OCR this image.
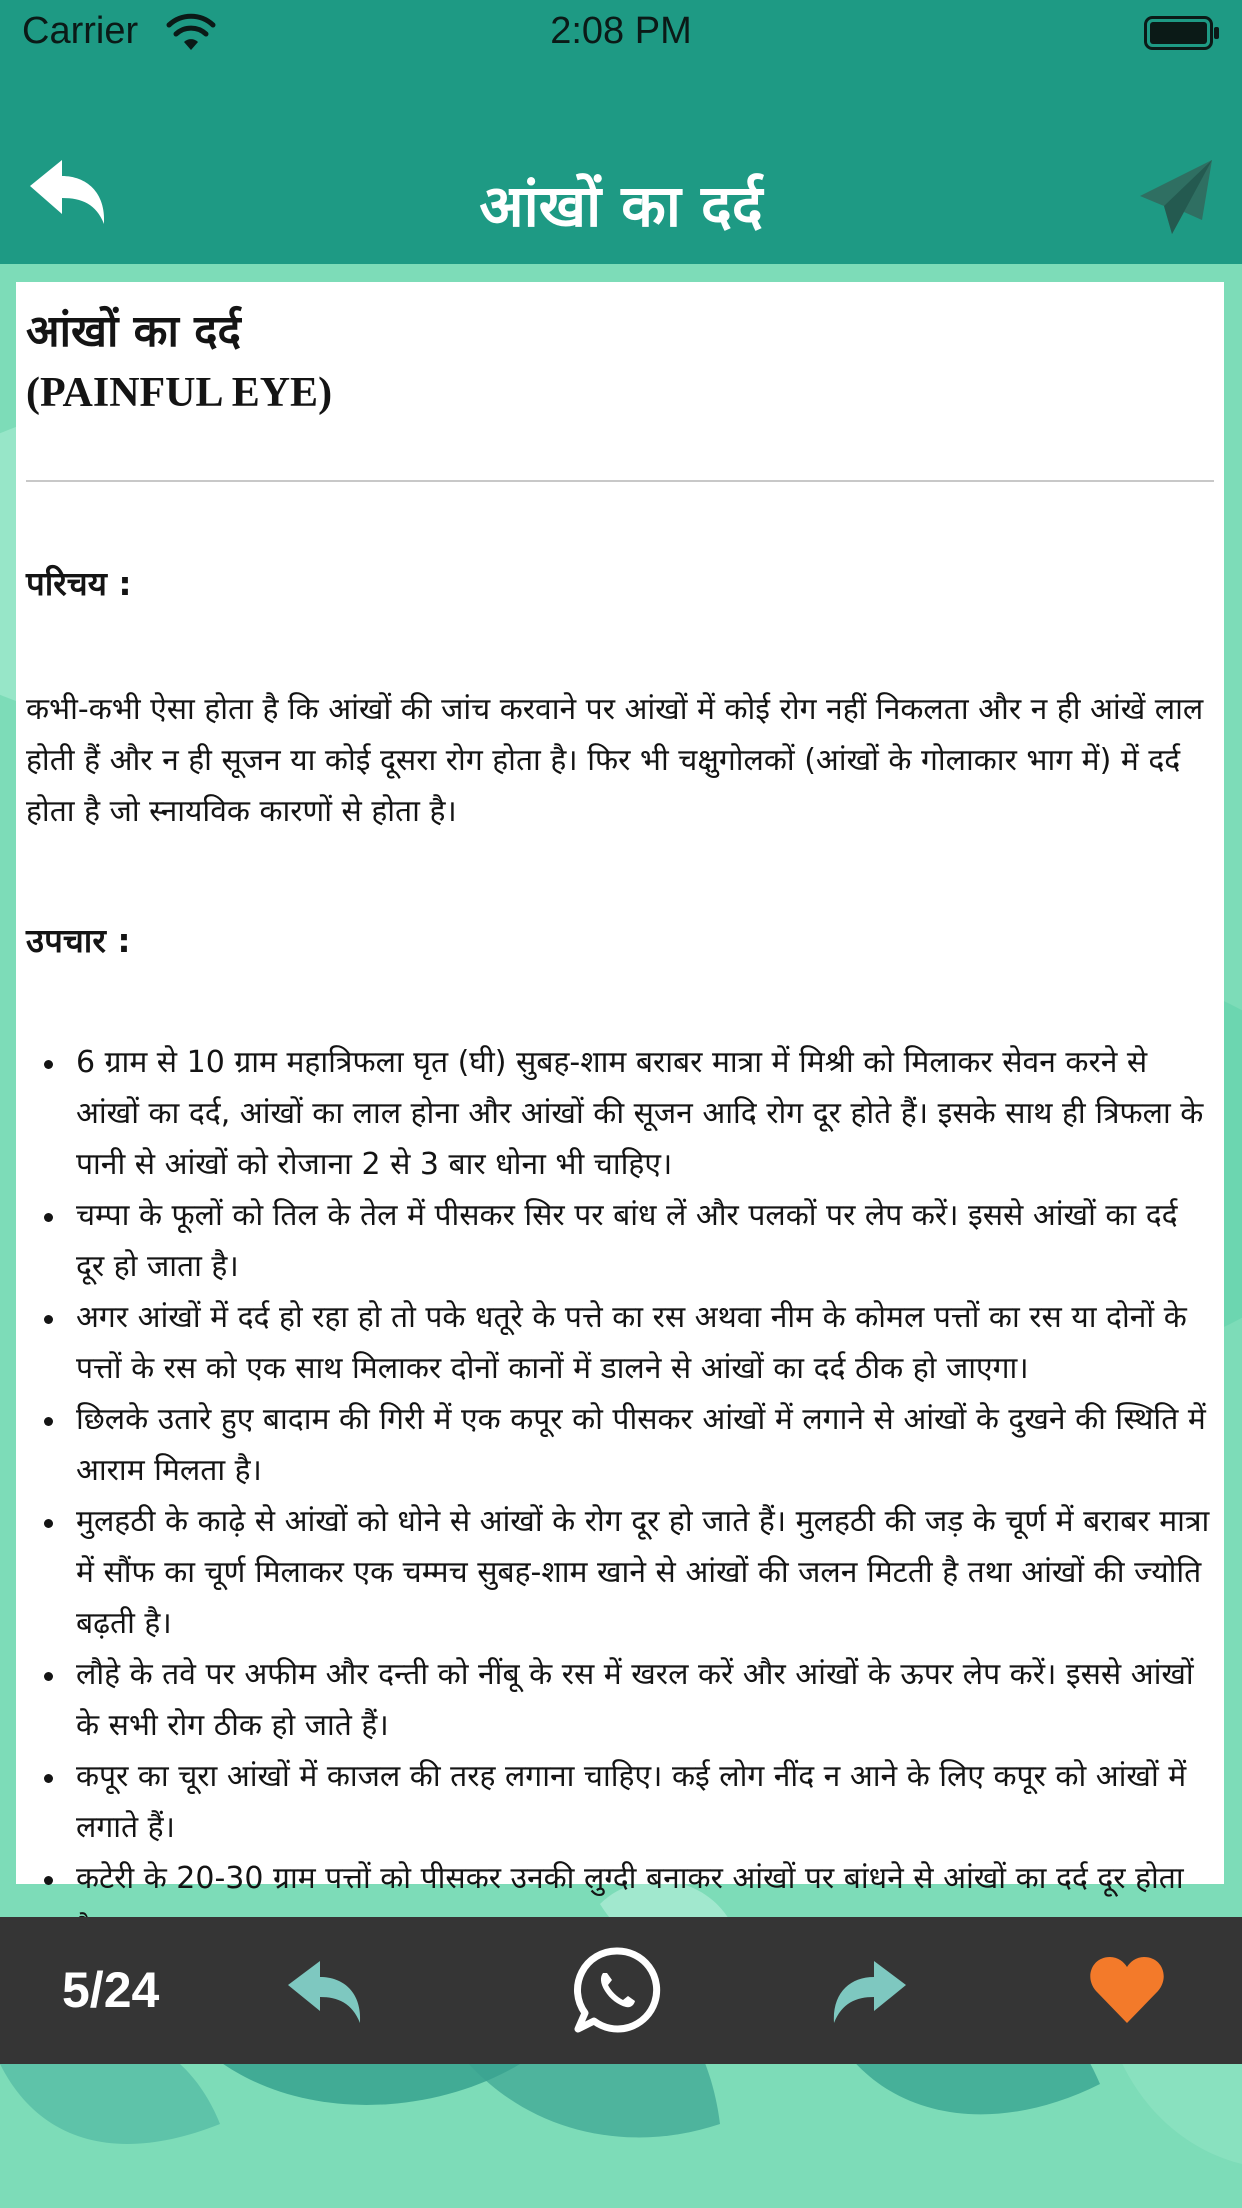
Carrier	2:08 PM
आंखों का दर्द
आंखों का दर्द
(PAINFUL EYE)

परिचय :

कभी-कभी ऐसा होता है कि आंखों की जांच करवाने पर आंखों में कोई रोग नहीं निकलता और न ही आंखें लाल होती हैं और न ही सूजन या कोई दूसरा रोग होता है। फिर भी चक्षुगोलकों (आंखों के गोलाकार भाग में) में दर्द होता है जो स्नायविक कारणों से होता है।

उपचार :

6 ग्राम से 10 ग्राम महात्रिफला घृत (घी) सुबह-शाम बराबर मात्रा में मिश्री को मिलाकर सेवन करने से आंखों का दर्द, आंखों का लाल होना और आंखों की सूजन आदि रोग दूर होते हैं। इसके साथ ही त्रिफला के पानी से आंखों को रोजाना 2 से 3 बार धोना भी चाहिए।
चम्पा के फूलों को तिल के तेल में पीसकर सिर पर बांध लें और पलकों पर लेप करें। इससे आंखों का दर्द दूर हो जाता है।
अगर आंखों में दर्द हो रहा हो तो पके धतूरे के पत्ते का रस अथवा नीम के कोमल पत्तों का रस या दोनों के पत्तों के रस को एक साथ मिलाकर दोनों कानों में डालने से आंखों का दर्द ठीक हो जाएगा।
छिलके उतारे हुए बादाम की गिरी में एक कपूर को पीसकर आंखों में लगाने से आंखों के दुखने की स्थिति में आराम मिलता है।
मुलहठी के काढ़े से आंखों को धोने से आंखों के रोग दूर हो जाते हैं। मुलहठी की जड़ के चूर्ण में बराबर मात्रा में सौंफ का चूर्ण मिलाकर एक चम्मच सुबह-शाम खाने से आंखों की जलन मिटती है तथा आंखों की ज्योति बढ़ती है।
लौहे के तवे पर अफीम और दन्ती को नींबू के रस में खरल करें और आंखों के ऊपर लेप करें। इससे आंखों के सभी रोग ठीक हो जाते हैं।
कपूर का चूरा आंखों में काजल की तरह लगाना चाहिए। कई लोग नींद न आने के लिए कपूर को आंखों में लगाते हैं।
कटेरी के 20-30 ग्राम पत्तों को पीसकर उनकी लुग्दी बनाकर आंखों पर बांधने से आंखों का दर्द दूर होता
5/24
